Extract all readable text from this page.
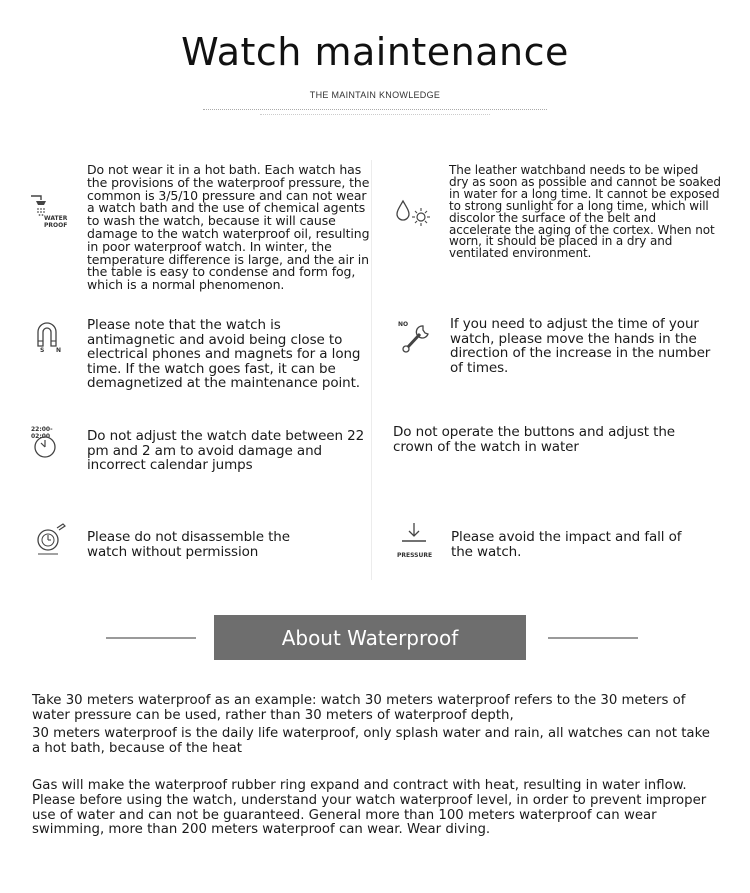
Watch maintenance
THE MAINTAIN KNOWLEDGE
WATER PROOF
Do not wear it in a hot bath. Each watch has the provisions of the waterproof pressure, the common is 3/5/10 pressure and can not wear a watch bath and the use of chemical agents to wash the watch, because it will cause damage to the watch waterproof oil, resulting in poor waterproof watch. In winter, the temperature difference is large, and the air in the table is easy to condense and form fog, which is a normal phenomenon.
The leather watchband needs to be wiped dry as soon as possible and cannot be soaked in water for a long time. It cannot be exposed to strong sunlight for a long time, which will discolor the surface of the belt and accelerate the aging of the cortex. When not worn, it should be placed in a dry and ventilated environment.
S N
Please note that the watch is antimagnetic and avoid being close to electrical phones and magnets for a long time. If the watch goes fast, it can be demagnetized at the maintenance point.
NO	If you need to adjust the time of your watch, please move the hands in the direction of the increase in the number of times.
22:00-02:00	Do not adjust the watch date between 22 pm and 2 am to avoid damage and incorrect calendar jumps
Do not operate the buttons and adjust the crown of the watch in water
Please do not disassemble the watch without permission	PRESSURE
Please avoid the impact and fall of the watch.
About Waterproof
Take 30 meters waterproof as an example: watch 30 meters waterproof refers to the 30 meters of water pressure can be used, rather than 30 meters of waterproof depth,
30 meters waterproof is the daily life waterproof, only splash water and rain, all watches can not take a hot bath, because of the heat
Gas will make the waterproof rubber ring expand and contract with heat, resulting in water inflow. Please before using the watch, understand your watch waterproof level, in order to prevent improper use of water and can not be guaranteed. General more than 100 meters waterproof can wear swimming, more than 200 meters waterproof can wear. Wear diving.
